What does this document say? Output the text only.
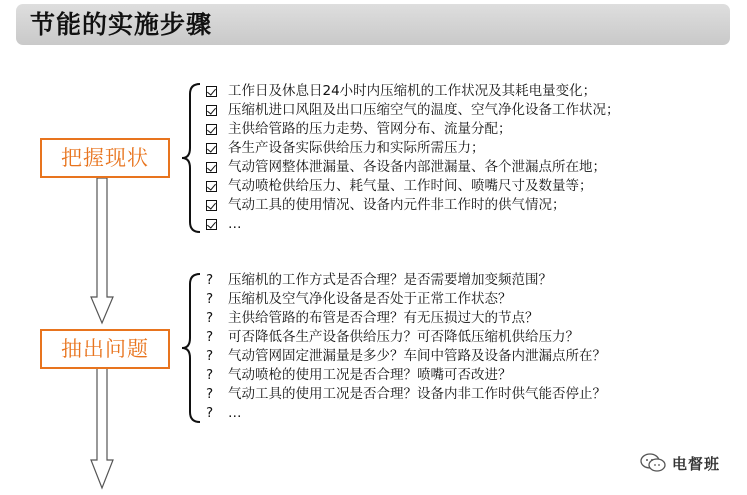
节能的实施步骤
把握现状
抽出问题
工作日及休息日24小时内压缩机的工作状况及其耗电量变化；
压缩机进口风阻及出口压缩空气的温度、空气净化设备工作状况；
主供给管路的压力走势、管网分布、流量分配；
各生产设备实际供给压力和实际所需压力；
气动管网整体泄漏量、各设备内部泄漏量、各个泄漏点所在地；
气动喷枪供给压力、耗气量、工作时间、喷嘴尺寸及数量等；
气动工具的使用情况、设备内元件非工作时的供气情况；
…
?	压缩机的工作方式是否合理？是否需要增加变频范围？
?	压缩机及空气净化设备是否处于正常工作状态？
?	主供给管路的布管是否合理？有无压损过大的节点？
?	可否降低各生产设备供给压力？可否降低压缩机供给压力？
?	气动管网固定泄漏量是多少？车间中管路及设备内泄漏点所在？
?	气动喷枪的使用工况是否合理？喷嘴可否改进？
?	气动工具的使用工况是否合理？设备内非工作时供气能否停止？
?	…
电督班
